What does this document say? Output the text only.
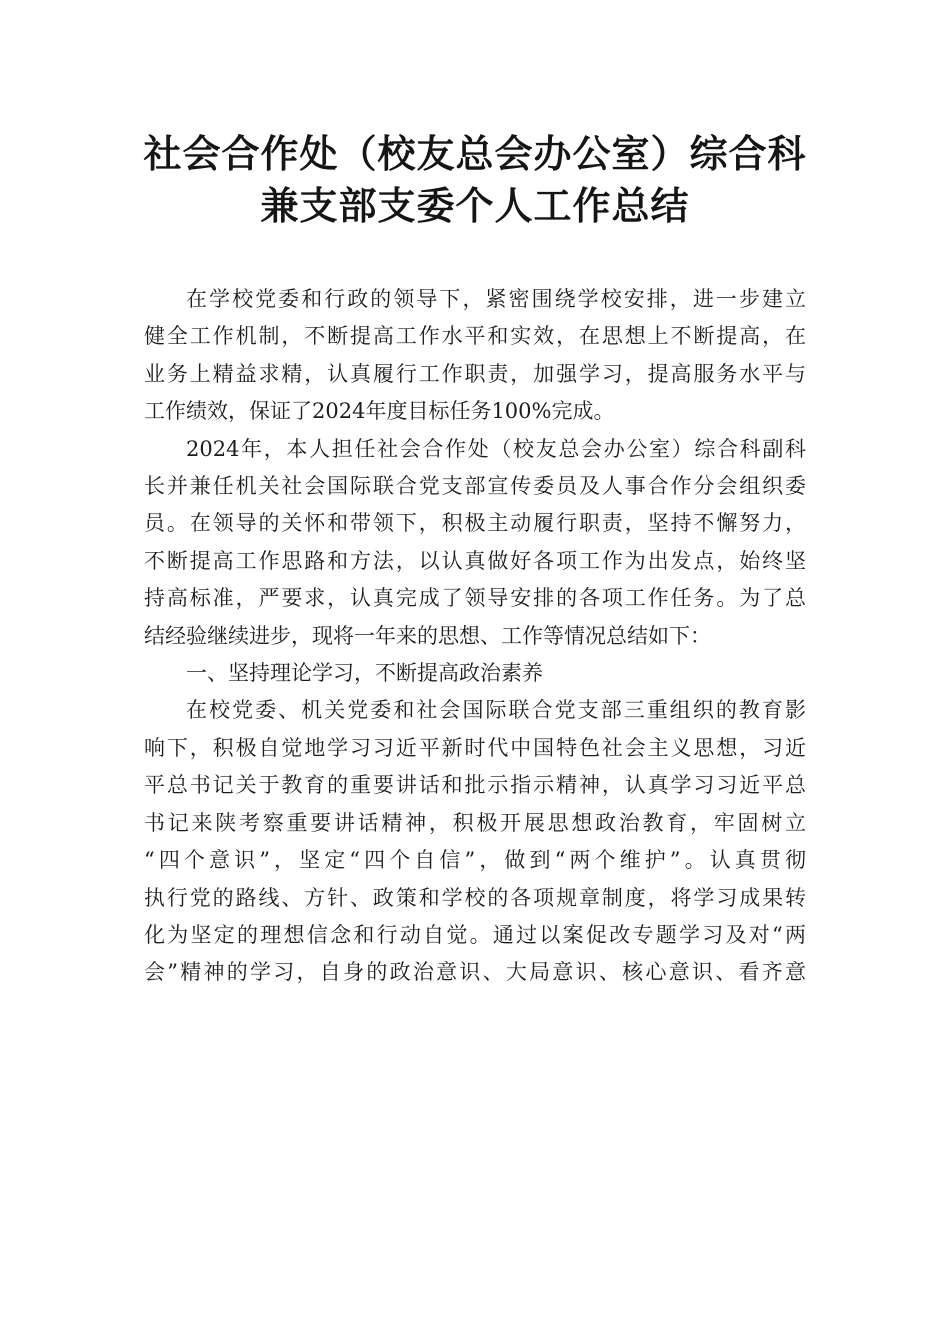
社会合作处（校友总会办公室）综合科
兼支部支委个人工作总结
在学校党委和行政的领导下，紧密围绕学校安排，进一步建立
健全工作机制，不断提高工作水平和实效，在思想上不断提高，在
业务上精益求精，认真履行工作职责，加强学习，提高服务水平与
工作绩效，保证了2024年度目标任务100%完成。
2024年，本人担任社会合作处（校友总会办公室）综合科副科
长并兼任机关社会国际联合党支部宣传委员及人事合作分会组织委
员。在领导的关怀和带领下，积极主动履行职责，坚持不懈努力，
不断提高工作思路和方法，以认真做好各项工作为出发点，始终坚
持高标准，严要求，认真完成了领导安排的各项工作任务。为了总
结经验继续进步，现将一年来的思想、工作等情况总结如下：
一、坚持理论学习，不断提高政治素养
在校党委、机关党委和社会国际联合党支部三重组织的教育影
响下，积极自觉地学习习近平新时代中国特色社会主义思想，习近
平总书记关于教育的重要讲话和批示指示精神，认真学习习近平总
书记来陕考察重要讲话精神，积极开展思想政治教育，牢固树立
“四个意识”，坚定“四个自信”，做到“两个维护”。认真贯彻
执行党的路线、方针、政策和学校的各项规章制度，将学习成果转
化为坚定的理想信念和行动自觉。通过以案促改专题学习及对“两
会”精神的学习，自身的政治意识、大局意识、核心意识、看齐意
